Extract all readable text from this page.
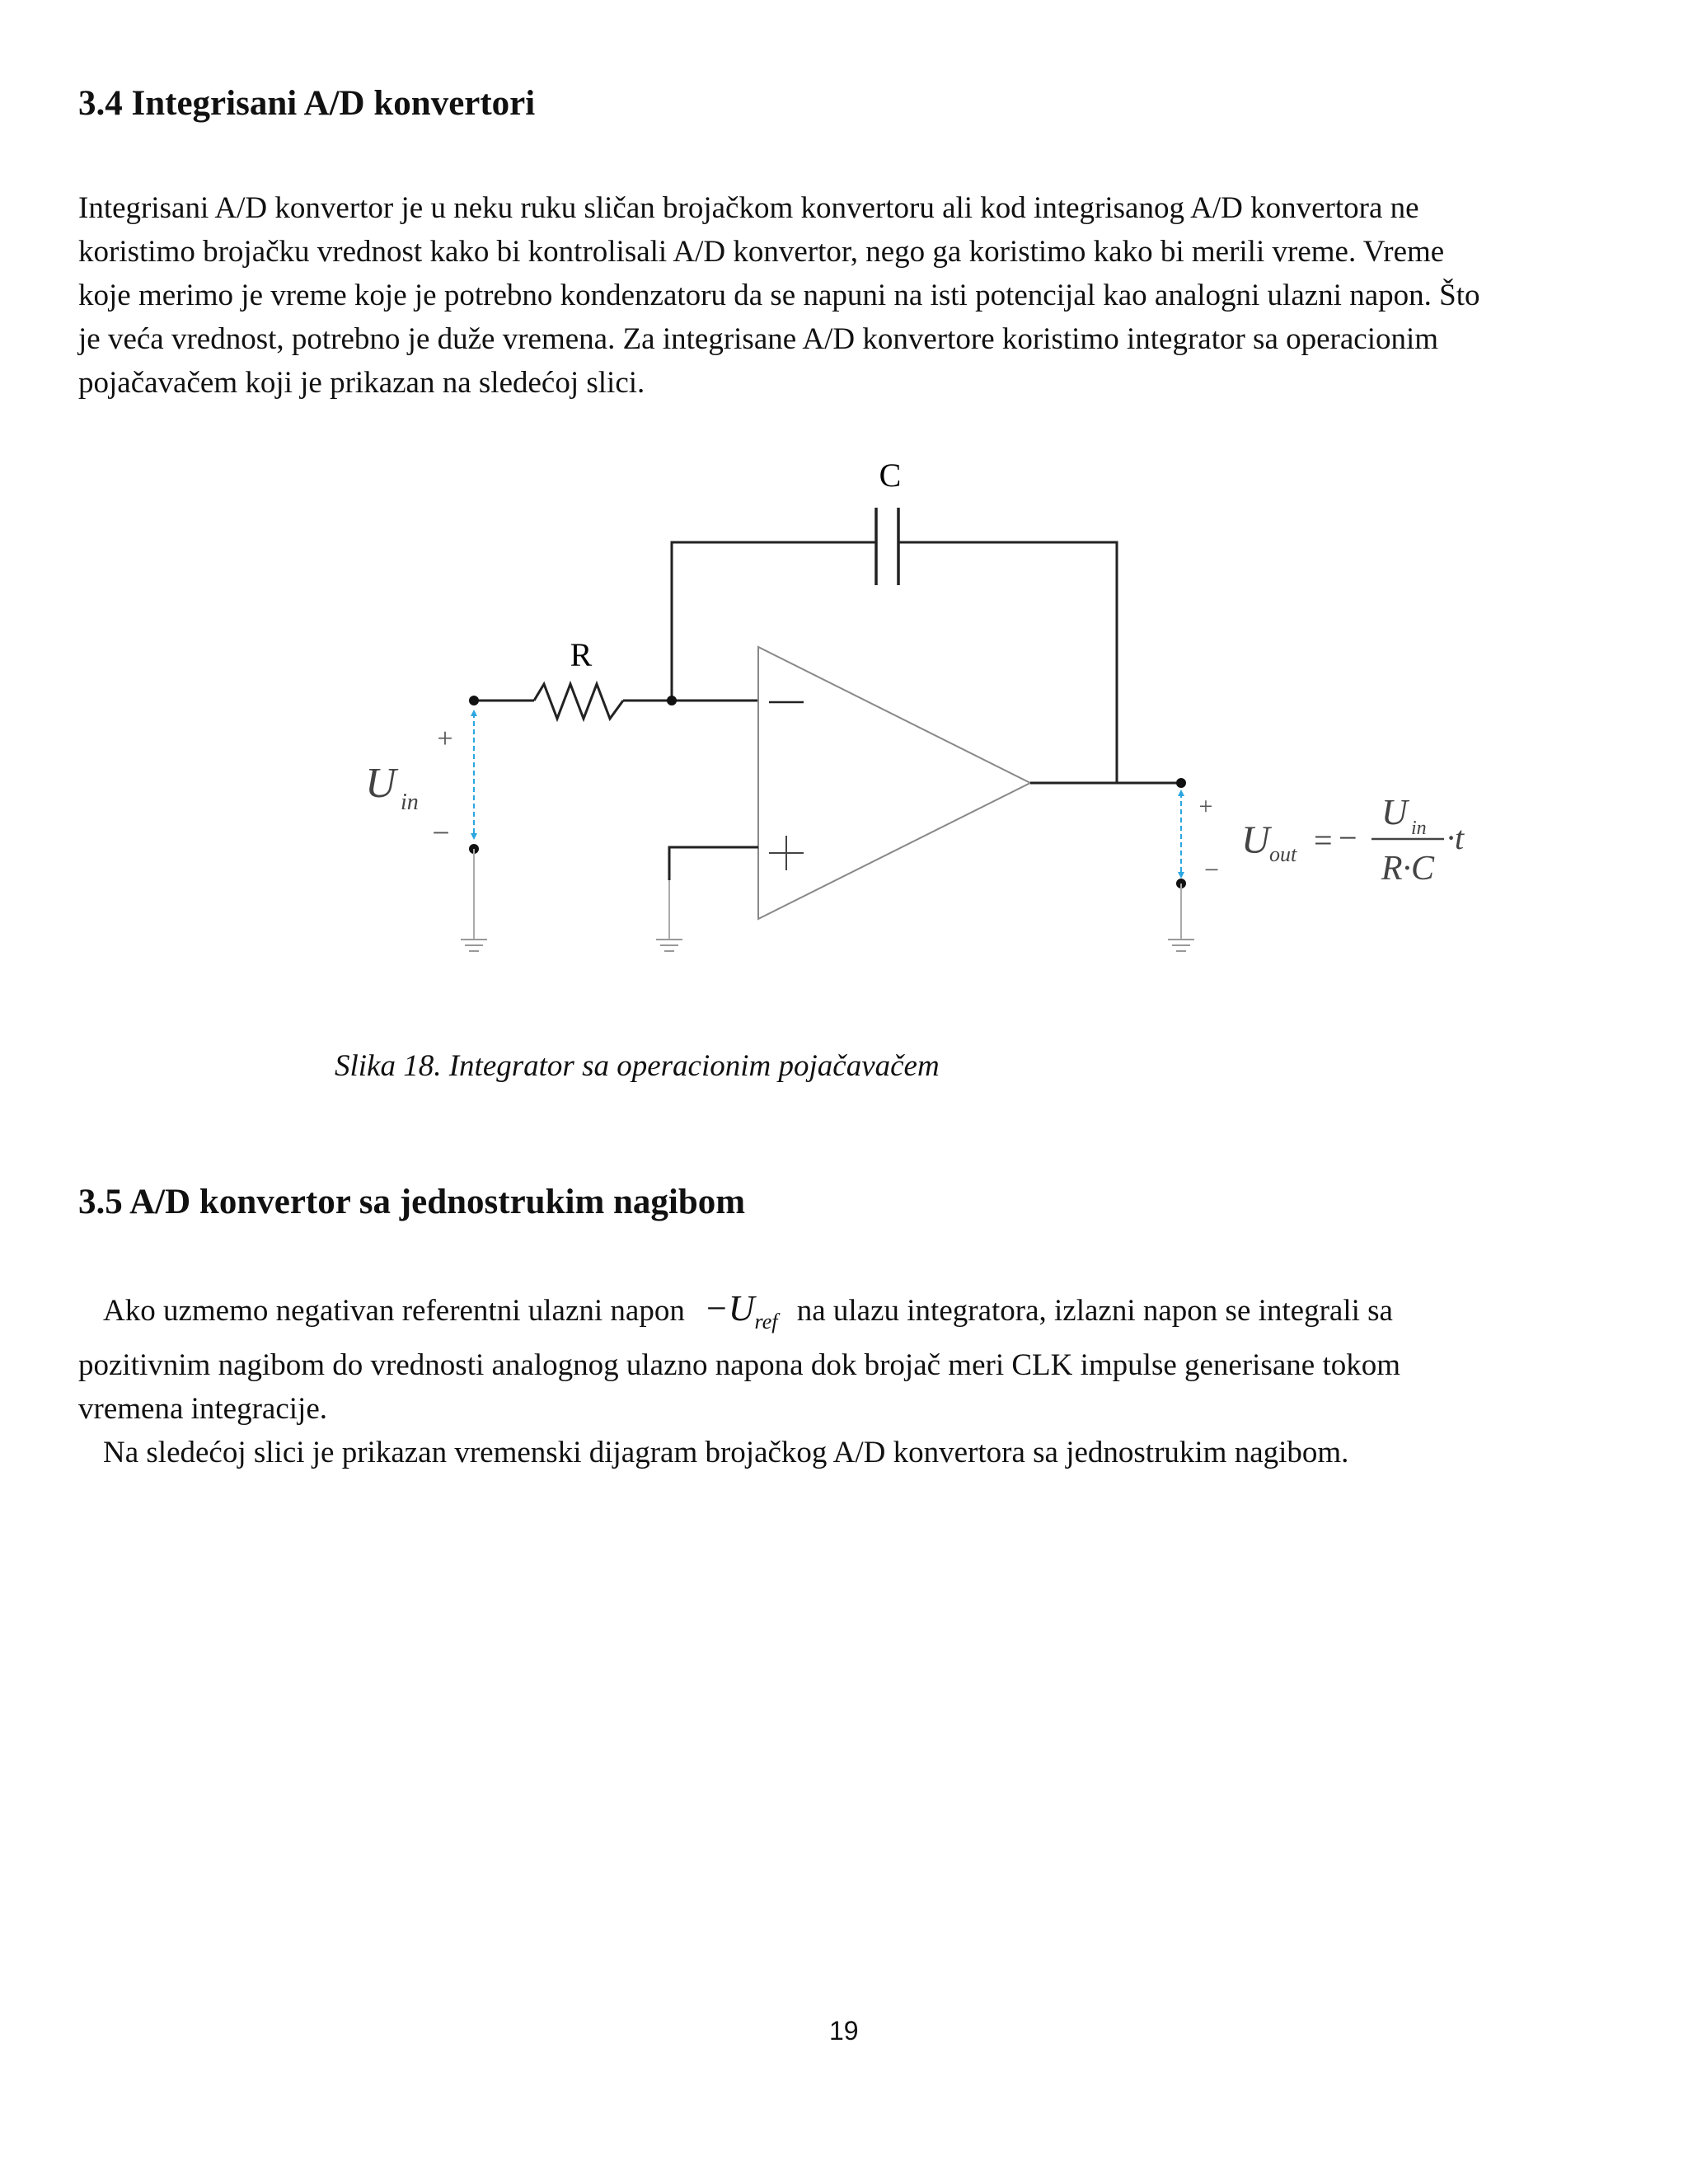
3.4 Integrisani A/D konvertori
Integrisani A/D konvertor je u neku ruku sličan brojačkom konvertoru ali kod integrisanog A/D konvertora ne
koristimo brojačku vrednost kako bi kontrolisali A/D konvertor, nego ga koristimo kako bi merili vreme. Vreme
koje merimo je vreme koje je potrebno kondenzatoru da se napuni na isti potencijal kao analogni ulazni napon. Što
je veća vrednost, potrebno je duže vremena. Za integrisane A/D konvertore koristimo integrator sa operacionim
pojačavačem koji je prikazan na sledećoj slici.
C
R
+
U in
−
+
−
U out = −
U in
R·C
·t
Slika 18. Integrator sa operacionim pojačavačem
3.5 A/D konvertor sa jednostrukim nagibom
Ako uzmemo negativan referentni ulazni napon $-U_{ref}$ na ulazu integratora, izlazni napon se integrali sa
pozitivnim nagibom do vrednosti analognog ulazno napona dok brojač meri CLK impulse generisane tokom
vremena integracije.
Na sledećoj slici je prikazan vremenski dijagram brojačkog A/D konvertora sa jednostrukim nagibom.
19
